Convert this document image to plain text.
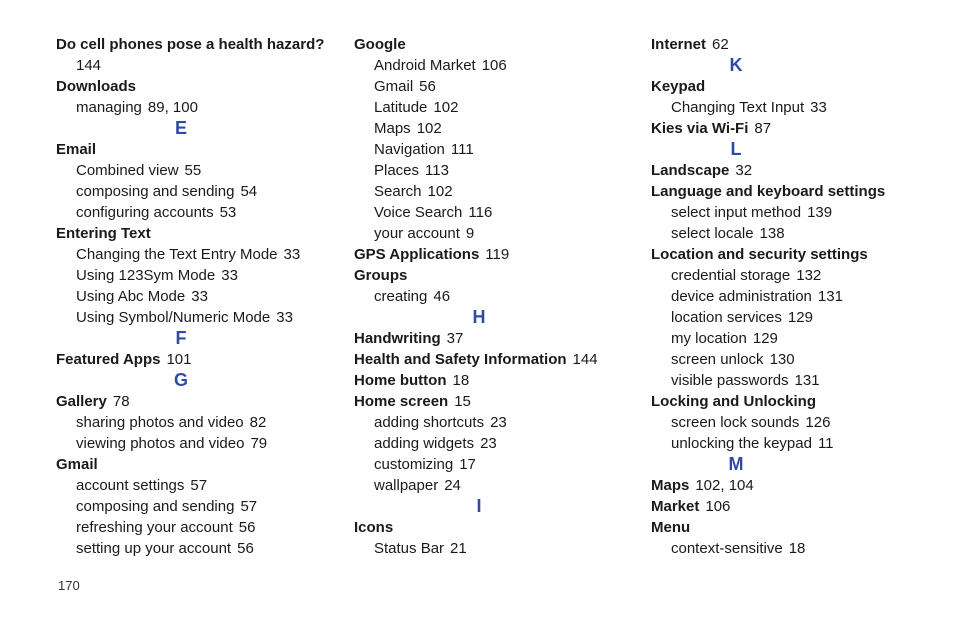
Do cell phones pose a health hazard?
144
Downloads
managing 89, 100
E
Email
Combined view 55
composing and sending 54
configuring accounts 53
Entering Text
Changing the Text Entry Mode 33
Using 123Sym Mode 33
Using Abc Mode 33
Using Symbol/Numeric Mode 33
F
Featured Apps 101
G
Gallery 78
sharing photos and video 82
viewing photos and video 79
Gmail
account settings 57
composing and sending 57
refreshing your account 56
setting up your account 56
Google
Android Market 106
Gmail 56
Latitude 102
Maps 102
Navigation 111
Places 113
Search 102
Voice Search 116
your account 9
GPS Applications 119
Groups
creating 46
H
Handwriting 37
Health and Safety Information 144
Home button 18
Home screen 15
adding shortcuts 23
adding widgets 23
customizing 17
wallpaper 24
I
Icons
Status Bar 21
Internet 62
K
Keypad
Changing Text Input 33
Kies via Wi-Fi 87
L
Landscape 32
Language and keyboard settings
select input method 139
select locale 138
Location and security settings
credential storage 132
device administration 131
location services 129
my location 129
screen unlock 130
visible passwords 131
Locking and Unlocking
screen lock sounds 126
unlocking the keypad 11
M
Maps 102, 104
Market 106
Menu
context-sensitive 18
170
